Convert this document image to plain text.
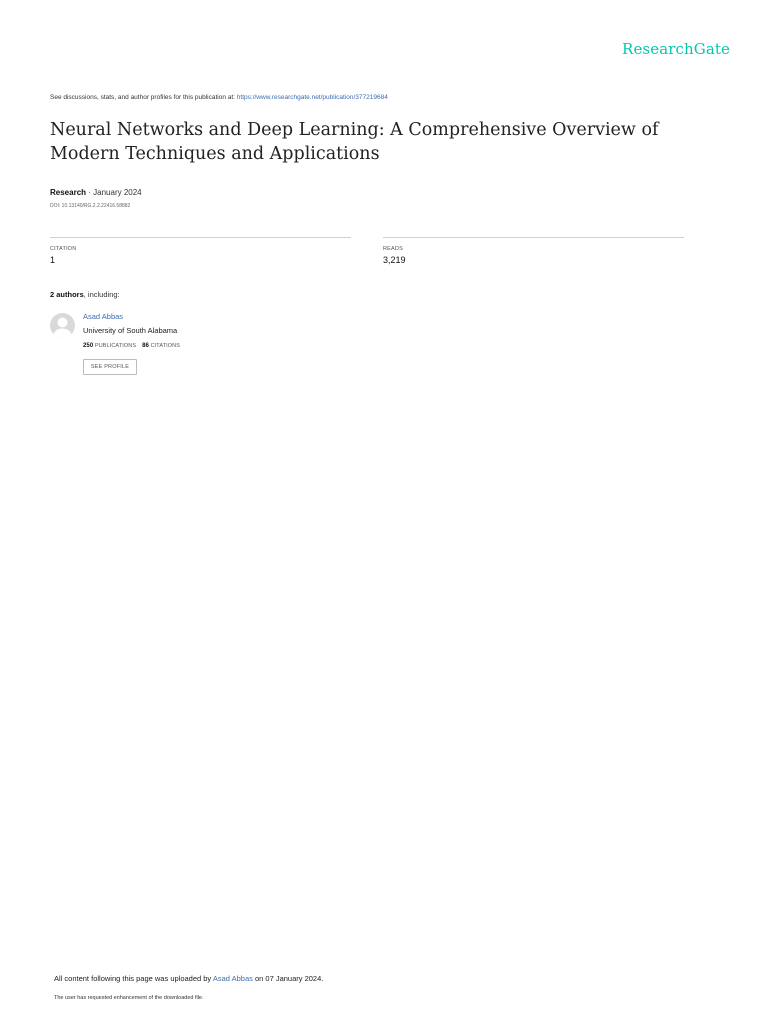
ResearchGate
See discussions, stats, and author profiles for this publication at: https://www.researchgate.net/publication/377219684
Neural Networks and Deep Learning: A Comprehensive Overview of Modern Techniques and Applications
Research · January 2024
DOI: 10.13140/RG.2.2.22416.58882
CITATION
1
READS
3,219
2 authors, including:
Asad Abbas
University of South Alabama
250 PUBLICATIONS 86 CITATIONS
SEE PROFILE
All content following this page was uploaded by Asad Abbas on 07 January 2024.
The user has requested enhancement of the downloaded file.
